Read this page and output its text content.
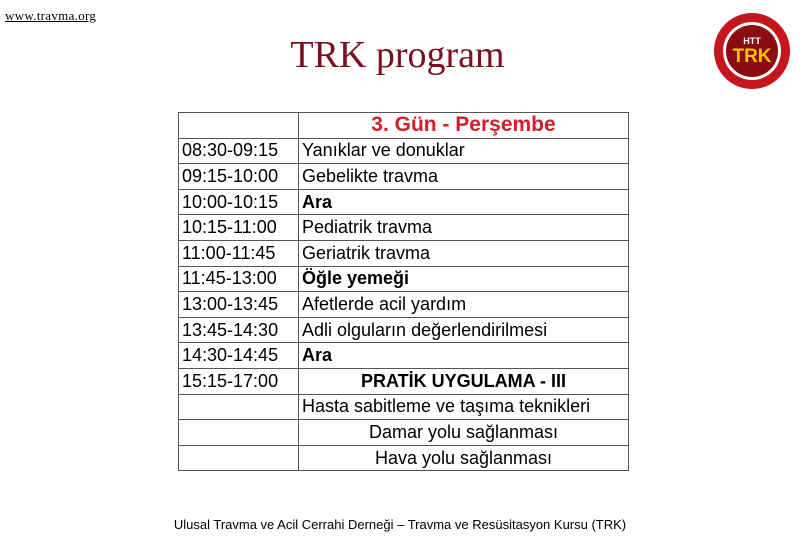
www.travma.org
TRK program	HTT
TRK
	3. Gün - Perşembe
08:30-09:15	Yanıklar ve donuklar
09:15-10:00	Gebelikte travma
10:00-10:15	Ara
10:15-11:00	Pediatrik travma
11:00-11:45	Geriatrik travma
11:45-13:00	Öğle yemeği
13:00-13:45	Afetlerde acil yardım
13:45-14:30	Adli olguların değerlendirilmesi
14:30-14:45	Ara
15:15-17:00	PRATİK UYGULAMA - III
	Hasta sabitleme ve taşıma teknikleri
	Damar yolu sağlanması
	Hava yolu sağlanması
Ulusal Travma ve Acil Cerrahi Derneği – Travma ve Resüsitasyon Kursu (TRK)
